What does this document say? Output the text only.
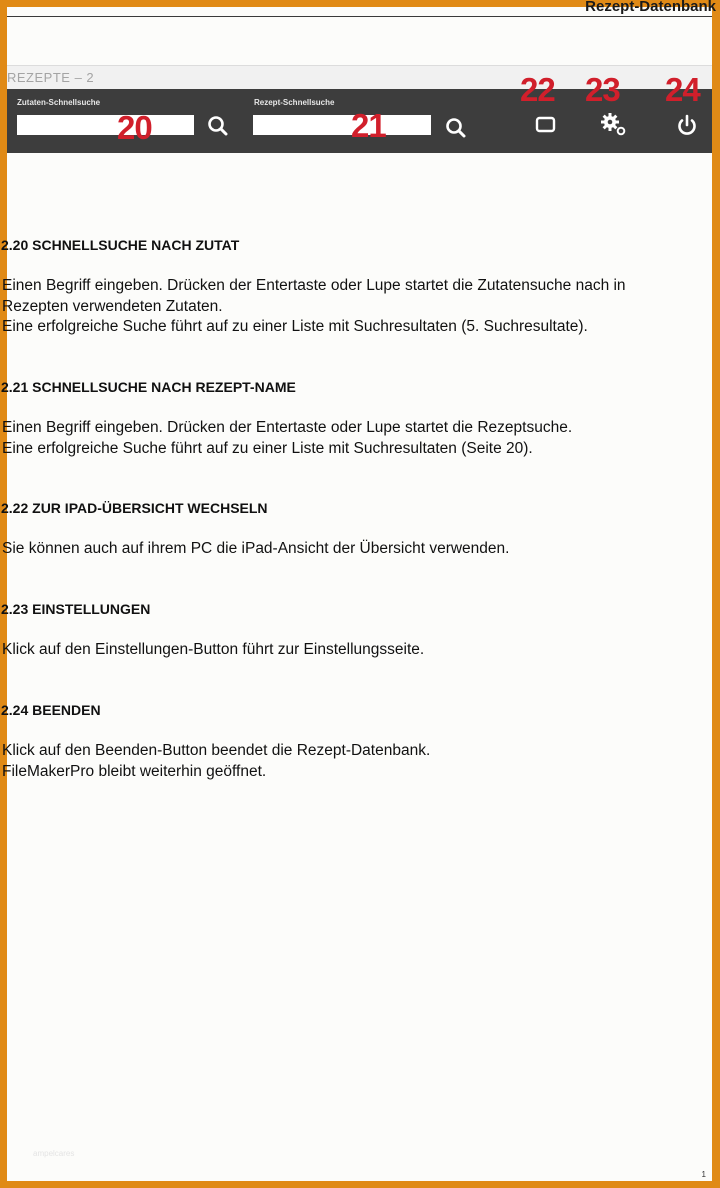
Rezept-Datenbank
REZEPTE – 2
Zutaten-Schnellsuche	Rezept-Schnellsuche
20	21
22 23 24
2.20 SCHNELLSUCHE NACH ZUTAT

Einen Begriff eingeben. Drücken der Entertaste oder Lupe startet die Zutatensuche nach in

Rezepten verwendeten Zutaten.

Eine erfolgreiche Suche führt auf zu einer Liste mit Suchresultaten (5. Suchresultate).

2.21 SCHNELLSUCHE NACH REZEPT-NAME

Einen Begriff eingeben. Drücken der Entertaste oder Lupe startet die Rezeptsuche.

Eine erfolgreiche Suche führt auf zu einer Liste mit Suchresultaten (Seite 20).

2.22 ZUR IPAD-ÜBERSICHT WECHSELN

Sie können auch auf ihrem PC die iPad-Ansicht der Übersicht verwenden.

2.23 EINSTELLUNGEN

Klick auf den Einstellungen-Button führt zur Einstellungsseite.

2.24 BEENDEN

Klick auf den Beenden-Button beendet die Rezept-Datenbank.

FileMakerPro bleibt weiterhin geöffnet.

ampelcares
1
